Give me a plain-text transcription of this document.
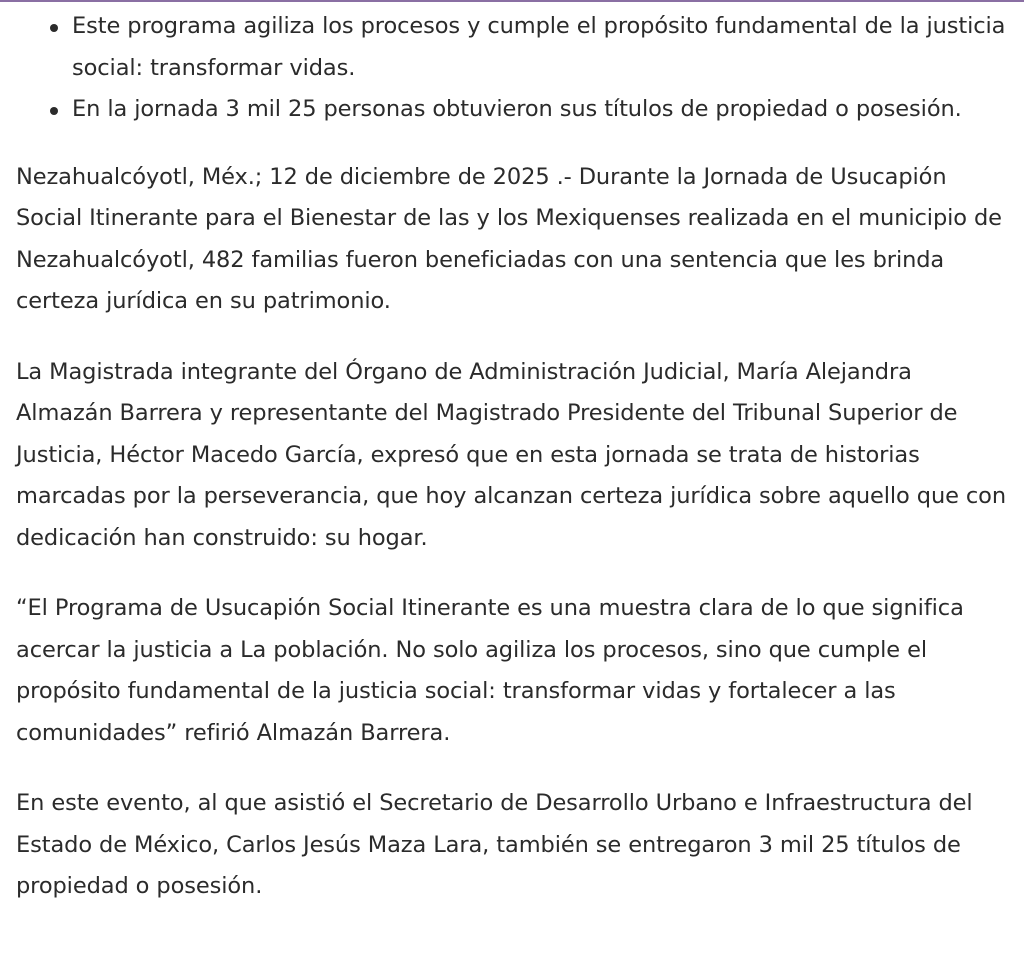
Este programa agiliza los procesos y cumple el propósito fundamental de la justicia social: transformar vidas.
En la jornada 3 mil 25 personas obtuvieron sus títulos de propiedad o posesión.

Nezahualcóyotl, Méx.; 12 de diciembre de 2025 .- Durante la Jornada de Usucapión Social Itinerante para el Bienestar de las y los Mexiquenses realizada en el municipio de Nezahualcóyotl, 482 familias fueron beneficiadas con una sentencia que les brinda certeza jurídica en su patrimonio.

La Magistrada integrante del Órgano de Administración Judicial, María Alejandra Almazán Barrera y representante del Magistrado Presidente del Tribunal Superior de Justicia, Héctor Macedo García, expresó que en esta jornada se trata de historias marcadas por la perseverancia, que hoy alcanzan certeza jurídica sobre aquello que con dedicación han construido: su hogar.

“El Programa de Usucapión Social Itinerante es una muestra clara de lo que significa acercar la justicia a La población. No solo agiliza los procesos, sino que cumple el propósito fundamental de la justicia social: transformar vidas y fortalecer a las comunidades” refirió Almazán Barrera.

En este evento, al que asistió el Secretario de Desarrollo Urbano e Infraestructura del Estado de México, Carlos Jesús Maza Lara, también se entregaron 3 mil 25 títulos de propiedad o posesión.
